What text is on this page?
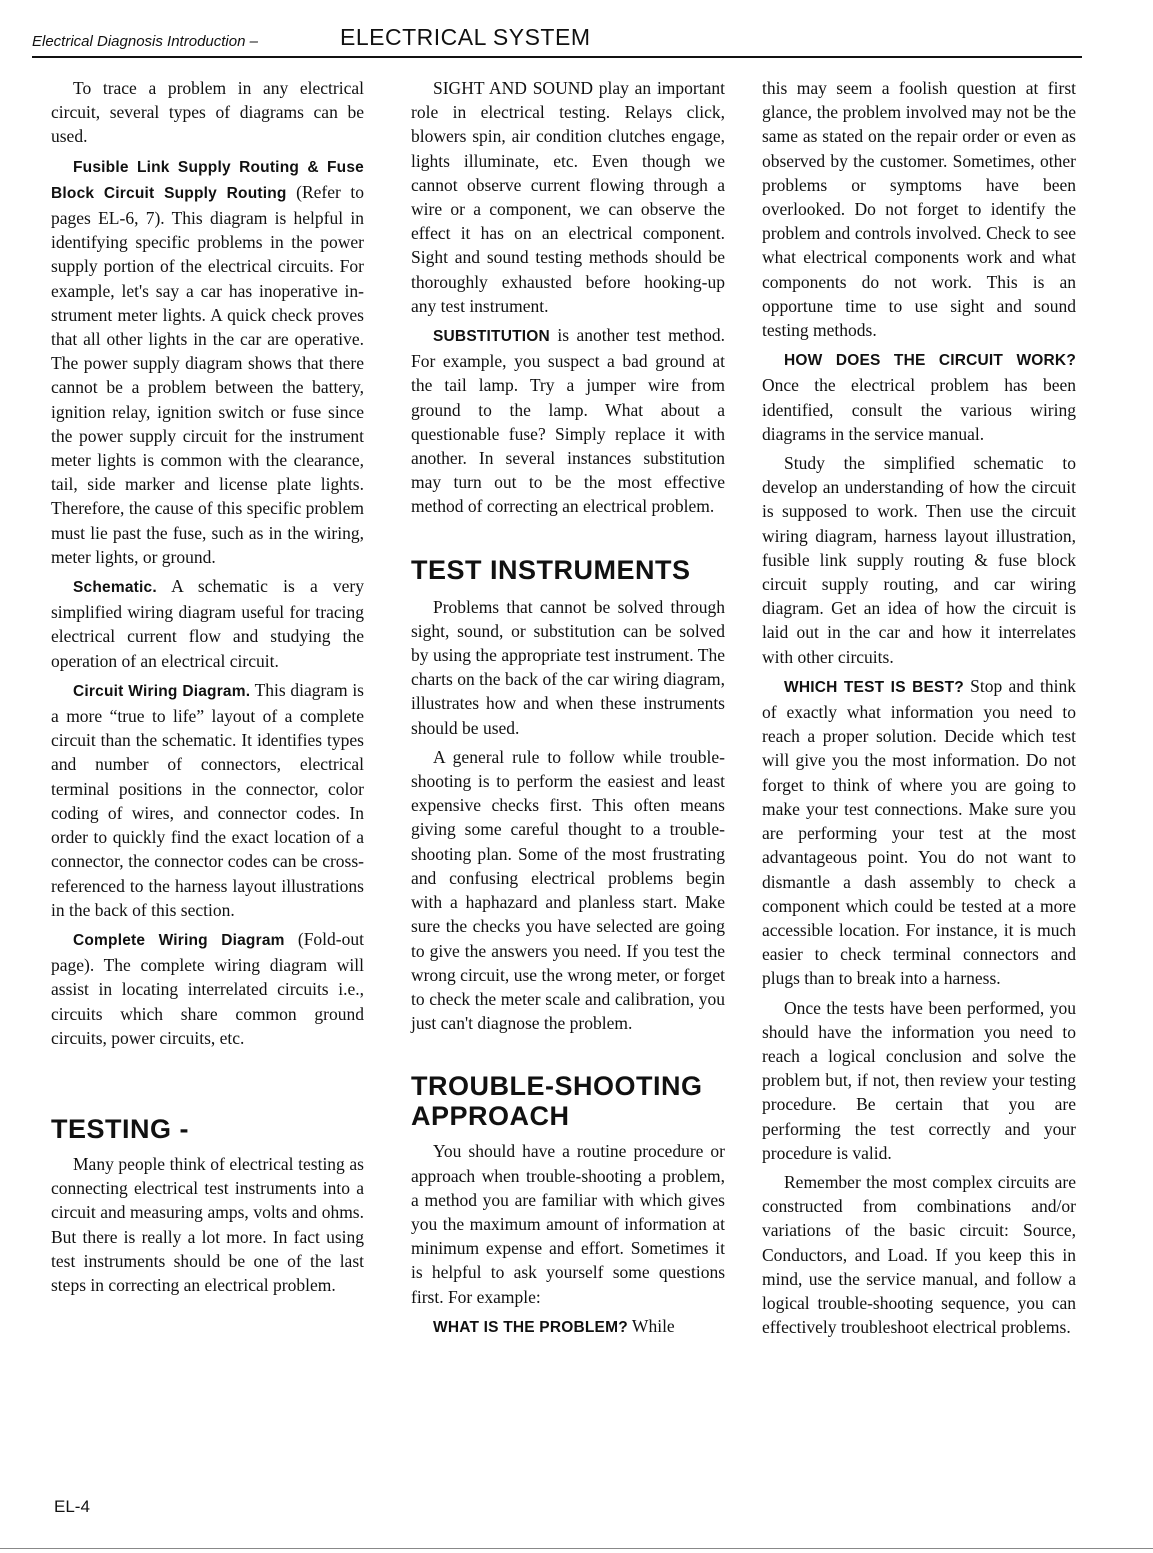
Electrical Diagnosis Introduction –	ELECTRICAL SYSTEM

To trace a problem in any electrical circuit, several types of diagrams can be used.

Fusible Link Supply Routing & Fuse Block Circuit Supply Routing (Refer to pages EL-6, 7). This diagram is helpful in identifying specific problems in the power supply portion of the electrical circuits. For example, let's say a car has inoperative instrument meter lights. A quick check proves that all other lights in the car are operative. The power supply diagram shows that there cannot be a problem between the battery, ignition relay, ignition switch or fuse since the power supply circuit for the instrument meter lights is common with the clearance, tail, side marker and license plate lights. Therefore, the cause of this specific problem must lie past the fuse, such as in the wiring, meter lights, or ground.

Schematic. A schematic is a very simplified wiring diagram useful for tracing electrical current flow and studying the operation of an electrical circuit.

Circuit Wiring Diagram. This diagram is a more “true to life” layout of a complete circuit than the schematic. It identifies types and number of connectors, electrical terminal positions in the connector, color coding of wires, and connector codes. In order to quickly find the exact location of a connector, the connector codes can be cross-referenced to the harness layout illustrations in the back of this section.

Complete Wiring Diagram (Fold-out page). The complete wiring diagram will assist in locating interrelated circuits i.e., circuits which share common ground circuits, power circuits, etc.

TESTING -

Many people think of electrical testing as connecting electrical test instruments into a circuit and measuring amps, volts and ohms. But there is really a lot more. In fact using test instruments should be one of the last steps in correcting an electrical problem.

SIGHT AND SOUND play an important role in electrical testing. Relays click, blowers spin, air condition clutches engage, lights illuminate, etc. Even though we cannot observe current flowing through a wire or a component, we can observe the effect it has on an electrical component. Sight and sound testing methods should be thoroughly exhausted before hooking-up any test instrument.

SUBSTITUTION is another test method. For example, you suspect a bad ground at the tail lamp. Try a jumper wire from ground to the lamp. What about a questionable fuse? Simply replace it with another. In several instances substitution may turn out to be the most effective method of correcting an electrical problem.

TEST INSTRUMENTS

Problems that cannot be solved through sight, sound, or substitution can be solved by using the appropriate test instrument. The charts on the back of the car wiring diagram, illustrates how and when these instruments should be used.

A general rule to follow while trouble-shooting is to perform the easiest and least expensive checks first. This often means giving some careful thought to a trouble-shooting plan. Some of the most frustrating and confusing electrical problems begin with a haphazard and planless start. Make sure the checks you have selected are going to give the answers you need. If you test the wrong circuit, use the wrong meter, or forget to check the meter scale and calibration, you just can't diagnose the problem.

TROUBLE-SHOOTING APPROACH

You should have a routine procedure or approach when trouble-shooting a problem, a method you are familiar with which gives you the maximum amount of information at minimum expense and effort. Sometimes it is helpful to ask yourself some questions first. For example:

WHAT IS THE PROBLEM? While

this may seem a foolish question at first glance, the problem involved may not be the same as stated on the repair order or even as observed by the customer. Sometimes, other problems or symptoms have been overlooked. Do not forget to identify the problem and controls involved. Check to see what electrical components work and what components do not work. This is an opportune time to use sight and sound testing methods.

HOW DOES THE CIRCUIT WORK? Once the electrical problem has been identified, consult the various wiring diagrams in the service manual.

Study the simplified schematic to develop an understanding of how the circuit is supposed to work. Then use the circuit wiring diagram, harness layout illustration, fusible link supply routing & fuse block circuit supply routing, and car wiring diagram. Get an idea of how the circuit is laid out in the car and how it interrelates with other circuits.

WHICH TEST IS BEST? Stop and think of exactly what information you need to reach a proper solution. Decide which test will give you the most information. Do not forget to think of where you are going to make your test connections. Make sure you are performing your test at the most advantageous point. You do not want to dismantle a dash assembly to check a component which could be tested at a more accessible location. For instance, it is much easier to check terminal connectors and plugs than to break into a harness.

Once the tests have been performed, you should have the information you need to reach a logical conclusion and solve the problem but, if not, then review your testing procedure. Be certain that you are performing the test correctly and your procedure is valid.

Remember the most complex circuits are constructed from combinations and/or variations of the basic circuit: Source, Conductors, and Load. If you keep this in mind, use the service manual, and follow a logical trouble-shooting sequence, you can effectively troubleshoot electrical problems.

EL-4
